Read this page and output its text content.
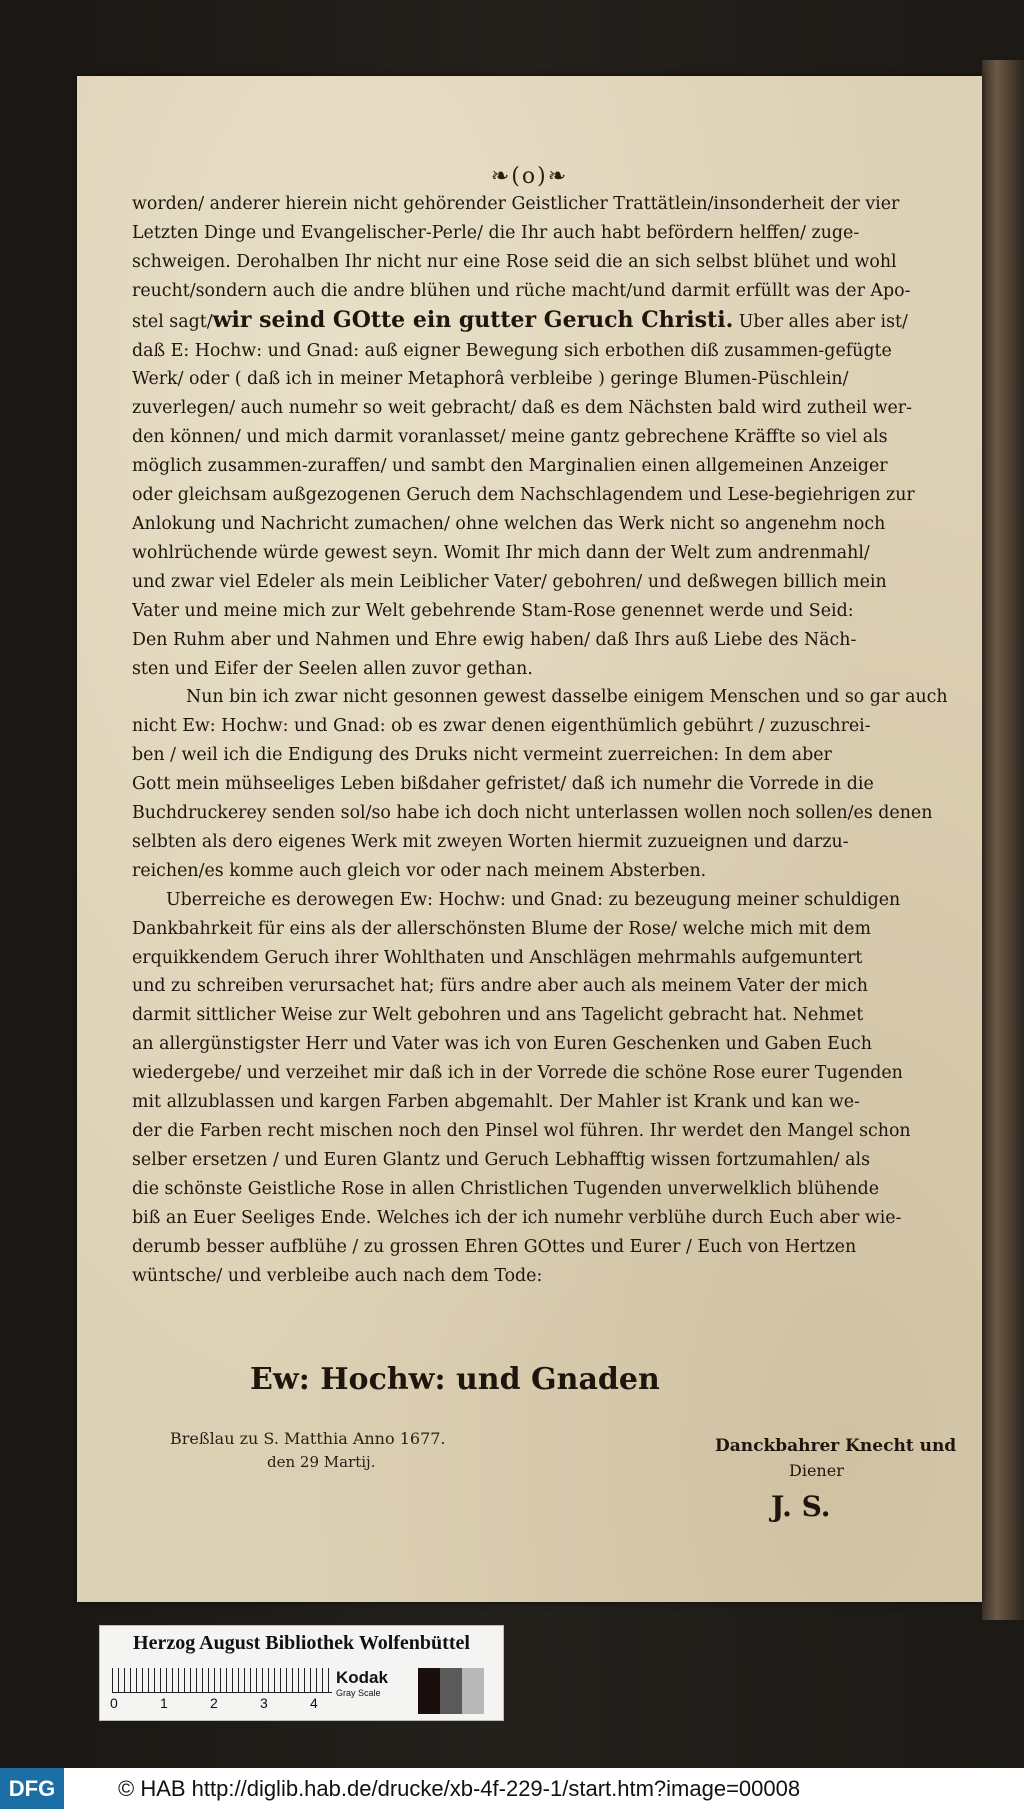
❧(o)❧
worden/ anderer hierein nicht gehörender Geistlicher Trattätlein/insonderheit der vier
Letzten Dinge und Evangelischer-Perle/ die Ihr auch habt befördern helffen/ zuge-
schweigen. Derohalben Ihr nicht nur eine Rose seid die an sich selbst blühet und wohl
reucht/sondern auch die andre blühen und rüche macht/und darmit erfüllt was der Apo-
stel sagt/wir seind GOtte ein gutter Geruch Christi. Uber alles aber ist/
daß E: Hochw: und Gnad: auß eigner Bewegung sich erbothen diß zusammen-gefügte
Werk/ oder ( daß ich in meiner Metaphorâ verbleibe ) geringe Blumen-Püschlein/
zuverlegen/ auch numehr so weit gebracht/ daß es dem Nächsten bald wird zutheil wer-
den können/ und mich darmit voranlasset/ meine gantz gebrechene Kräffte so viel als
möglich zusammen-zuraffen/ und sambt den Marginalien einen allgemeinen Anzeiger
oder gleichsam außgezogenen Geruch dem Nachschlagendem und Lese-begiehrigen zur
Anlokung und Nachricht zumachen/ ohne welchen das Werk nicht so angenehm noch
wohlrüchende würde gewest seyn. Womit Ihr mich dann der Welt zum andrenmahl/
und zwar viel Edeler als mein Leiblicher Vater/ gebohren/ und deßwegen billich mein
Vater und meine mich zur Welt gebehrende Stam-Rose genennet werde und Seid:
Den Ruhm aber und Nahmen und Ehre ewig haben/ daß Ihrs auß Liebe des Näch-
sten und Eifer der Seelen allen zuvor gethan.
Nun bin ich zwar nicht gesonnen gewest dasselbe einigem Menschen und so gar auch
nicht Ew: Hochw: und Gnad: ob es zwar denen eigenthümlich gebührt / zuzuschrei-
ben / weil ich die Endigung des Druks nicht vermeint zuerreichen: In dem aber
Gott mein mühseeliges Leben bißdaher gefristet/ daß ich numehr die Vorrede in die
Buchdruckerey senden sol/so habe ich doch nicht unterlassen wollen noch sollen/es denen
selbten als dero eigenes Werk mit zweyen Worten hiermit zuzueignen und darzu-
reichen/es komme auch gleich vor oder nach meinem Absterben.
Uberreiche es derowegen Ew: Hochw: und Gnad: zu bezeugung meiner schuldigen
Dankbahrkeit für eins als der allerschönsten Blume der Rose/ welche mich mit dem
erquikkendem Geruch ihrer Wohlthaten und Anschlägen mehrmahls aufgemuntert
und zu schreiben verursachet hat; fürs andre aber auch als meinem Vater der mich
darmit sittlicher Weise zur Welt gebohren und ans Tagelicht gebracht hat. Nehmet
an allergünstigster Herr und Vater was ich von Euren Geschenken und Gaben Euch
wiedergebe/ und verzeihet mir daß ich in der Vorrede die schöne Rose eurer Tugenden
mit allzublassen und kargen Farben abgemahlt. Der Mahler ist Krank und kan we-
der die Farben recht mischen noch den Pinsel wol führen. Ihr werdet den Mangel schon
selber ersetzen / und Euren Glantz und Geruch Lebhafftig wissen fortzumahlen/ als
die schönste Geistliche Rose in allen Christlichen Tugenden unverwelklich blühende
biß an Euer Seeliges Ende. Welches ich der ich numehr verblühe durch Euch aber wie-
derumb besser aufblühe / zu grossen Ehren GOttes und Eurer / Euch von Hertzen
wüntsche/ und verbleibe auch nach dem Tode:
Ew: Hochw: und Gnaden
Breßlau zu S. Matthia Anno 1677.
den 29 Martij.
Danckbahrer Knecht und
Diener
J. S.
Herzog August Bibliothek Wolfenbüttel
0	1	2	3	4
Kodak
Gray Scale
DFG	© HAB http://diglib.hab.de/drucke/xb-4f-229-1/start.htm?image=00008
